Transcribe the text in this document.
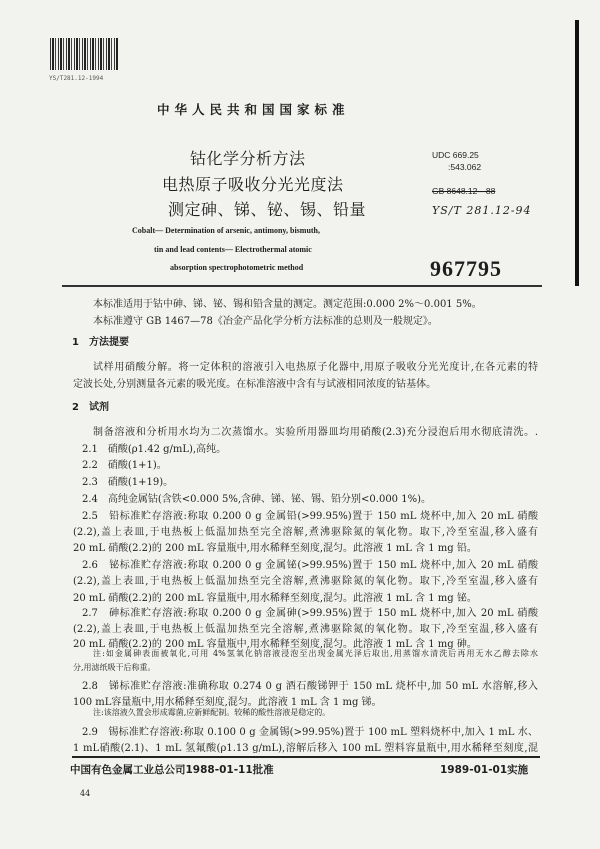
YS/T281.12-1994
中华人民共和国国家标准
钴化学分析方法
电热原子吸收分光光度法
测定砷、锑、铋、锡、铅量
Cobalt— Determination of arsenic, antimony, bismuth,
tin and lead contents— Electrothermal atomic
absorption spectrophotometric method
UDC 669.25
:543.062
GB 8648.12—88
YS/T 281.12-94
967795
本标准适用于钴中砷、锑、铋、锡和铅含量的测定。测定范围:0.000 2%～0.001 5%。
本标准遵守 GB 1467—78《冶金产品化学分析方法标准的总则及一般规定》。
1　方法提要
试样用硝酸分解。将一定体积的溶液引入电热原子化器中,用原子吸收分光光度计,在各元素的特
定波长处,分别测量各元素的吸光度。在标准溶液中含有与试液相同浓度的钴基体。
2　试剂
制备溶液和分析用水均为二次蒸馏水。实验所用器皿均用硝酸(2.3)充分浸泡后用水彻底清洗。.
2.1　硝酸(ρ1.42 g/mL),高纯。
2.2　硝酸(1+1)。
2.3　硝酸(1+19)。
2.4　高纯金属钴(含铁<0.000 5%,含砷、锑、铋、锡、铅分别<0.000 1%)。
2.5　铅标准贮存溶液:称取 0.200 0 g 金属铅(>99.95%)置于 150 mL 烧杯中,加入 20 mL 硝酸
(2.2),盖上表皿,于电热板上低温加热至完全溶解,煮沸驱除氮的氧化物。取下,冷至室温,移入盛有
20 mL 硝酸(2.2)的 200 mL 容量瓶中,用水稀释至刻度,混匀。此溶液 1 mL 含 1 mg 铅。
2.6　铋标准贮存溶液:称取 0.200 0 g 金属铋(>99.95%)置于 150 mL 烧杯中,加入 20 mL 硝酸
(2.2),盖上表皿,于电热板上低温加热至完全溶解,煮沸驱除氮的氧化物。取下,冷至室温,移入盛有
20 mL 硝酸(2.2)的 200 mL 容量瓶中,用水稀释至刻度,混匀。此溶液 1 mL 含 1 mg 铋。
2.7　砷标准贮存溶液:称取 0.200 0 g 金属砷(>99.95%)置于 150 mL 烧杯中,加入 20 mL 硝酸
(2.2),盖上表皿,于电热板上低温加热至完全溶解,煮沸驱除氮的氧化物。取下,冷至室温,移入盛有
20 mL 硝酸(2.2)的 200 mL 容量瓶中,用水稀释至刻度,混匀。此溶液 1 mL 含 1 mg 砷。
注:如金属砷表面被氧化,可用 4%氢氧化钠溶液浸泡至出现金属光泽后取出,用蒸馏水清洗后再用无水乙醇去除水
分,用滤纸吸干后称重。
2.8　锑标准贮存溶液:准确称取 0.274 0 g 酒石酸锑钾于 150 mL 烧杯中,加 50 mL 水溶解,移入
100 mL容量瓶中,用水稀释至刻度,混匀。此溶液 1 mL 含 1 mg 锑。
注:该溶液久置会形成霉菌,应新鲜配制。较稀的酸性溶液是稳定的。
2.9　锡标准贮存溶液:称取 0.100 0 g 金属锡(>99.95%)置于 100 mL 塑料烧杯中,加入 1 mL 水、
1 mL硝酸(2.1)、1 mL 氢氟酸(ρ1.13 g/mL),溶解后移入 100 mL 塑料容量瓶中,用水稀释至刻度,混
中国有色金属工业总公司1988-01-11批准	1989-01-01实施
44
